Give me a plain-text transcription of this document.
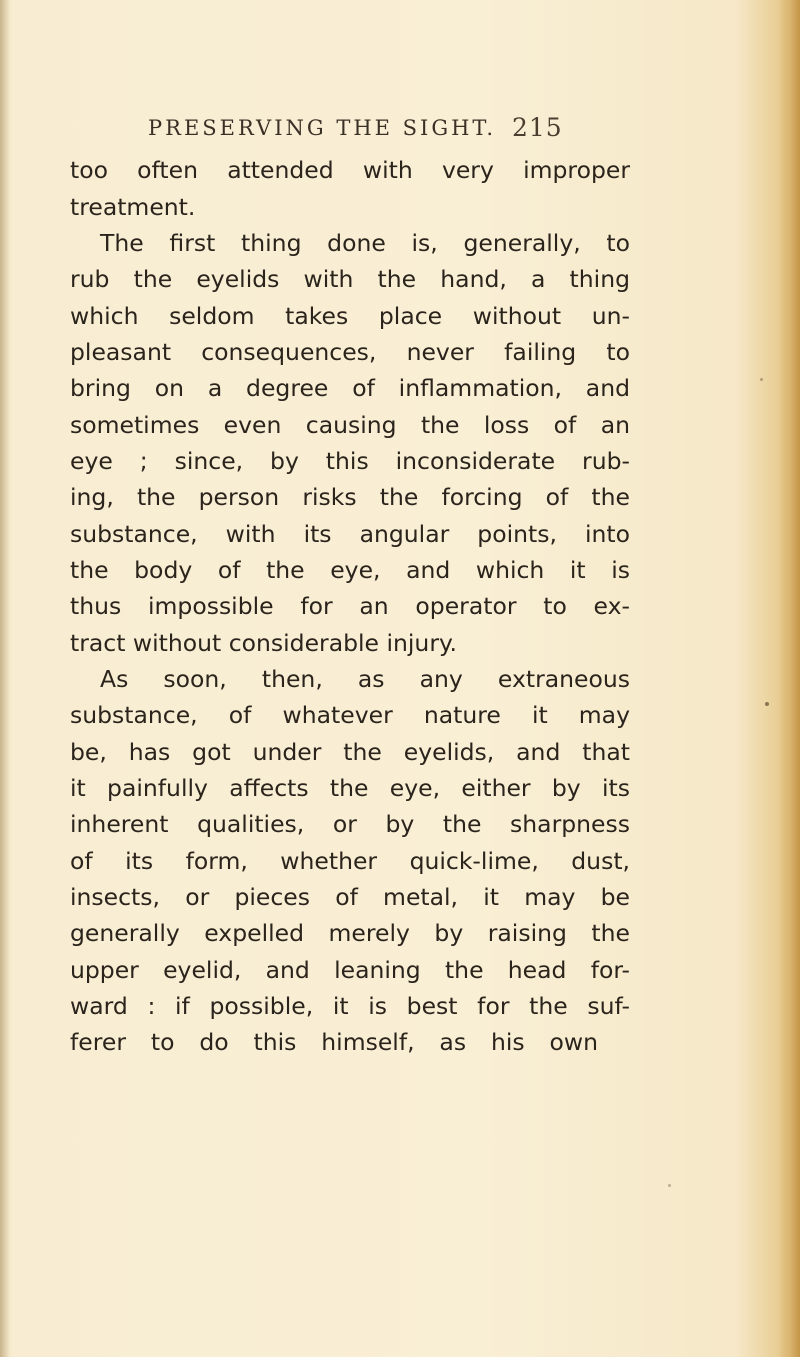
PRESERVING THE SIGHT. 215
too often attended with very improper
treatment.
The first thing done is, generally, to
rub the eyelids with the hand, a thing
which seldom takes place without un-
pleasant consequences, never failing to
bring on a degree of inflammation, and
sometimes even causing the loss of an
eye ; since, by this inconsiderate rub-
ing, the person risks the forcing of the
substance, with its angular points, into
the body of the eye, and which it is
thus impossible for an operator to ex-
tract without considerable injury.
As soon, then, as any extraneous
substance, of whatever nature it may
be, has got under the eyelids, and that
it painfully affects the eye, either by its
inherent qualities, or by the sharpness
of its form, whether quick-lime, dust,
insects, or pieces of metal, it may be
generally expelled merely by raising the
upper eyelid, and leaning the head for-
ward : if possible, it is best for the suf-
ferer to do this himself, as his own
